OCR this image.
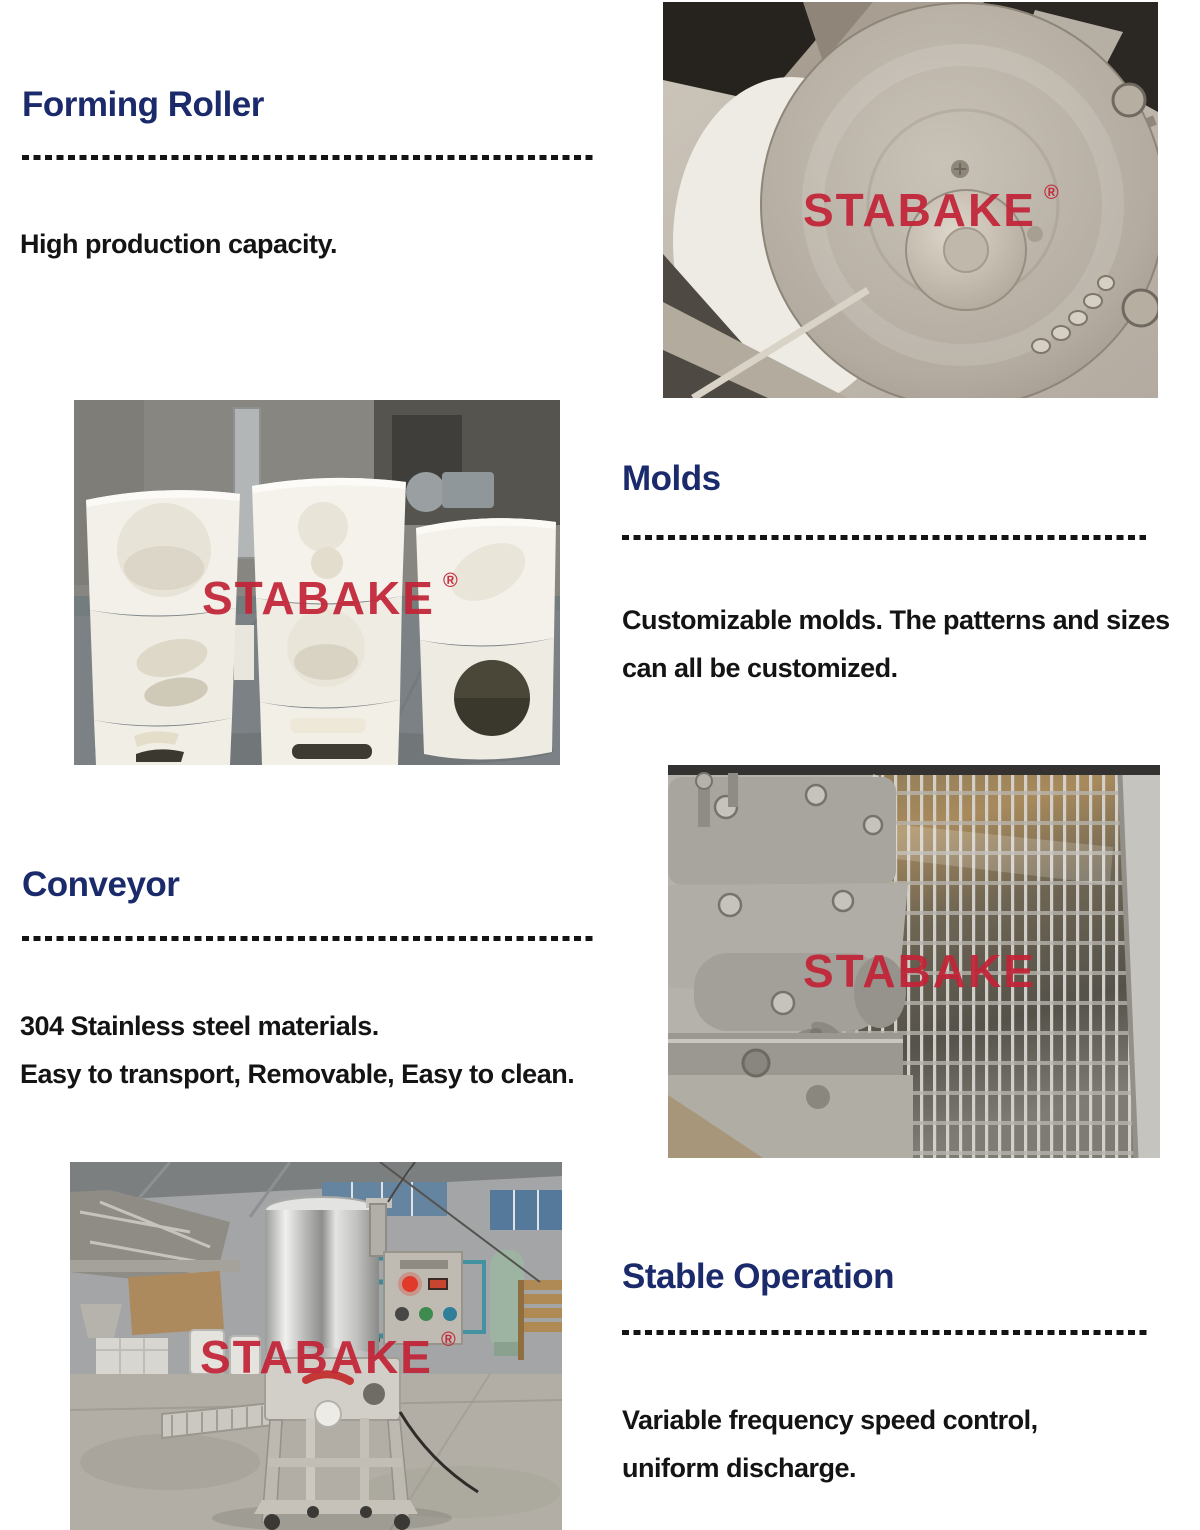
Forming Roller
High production capacity.
STABAKE ®
STABAKE ®
Molds
Customizable molds. The patterns and sizes
can all be customized.
Conveyor
304 Stainless steel materials.
Easy to transport, Removable, Easy to clean.
STABAKE
STABAKE ®
Stable Operation
Variable frequency speed control,
uniform discharge.
